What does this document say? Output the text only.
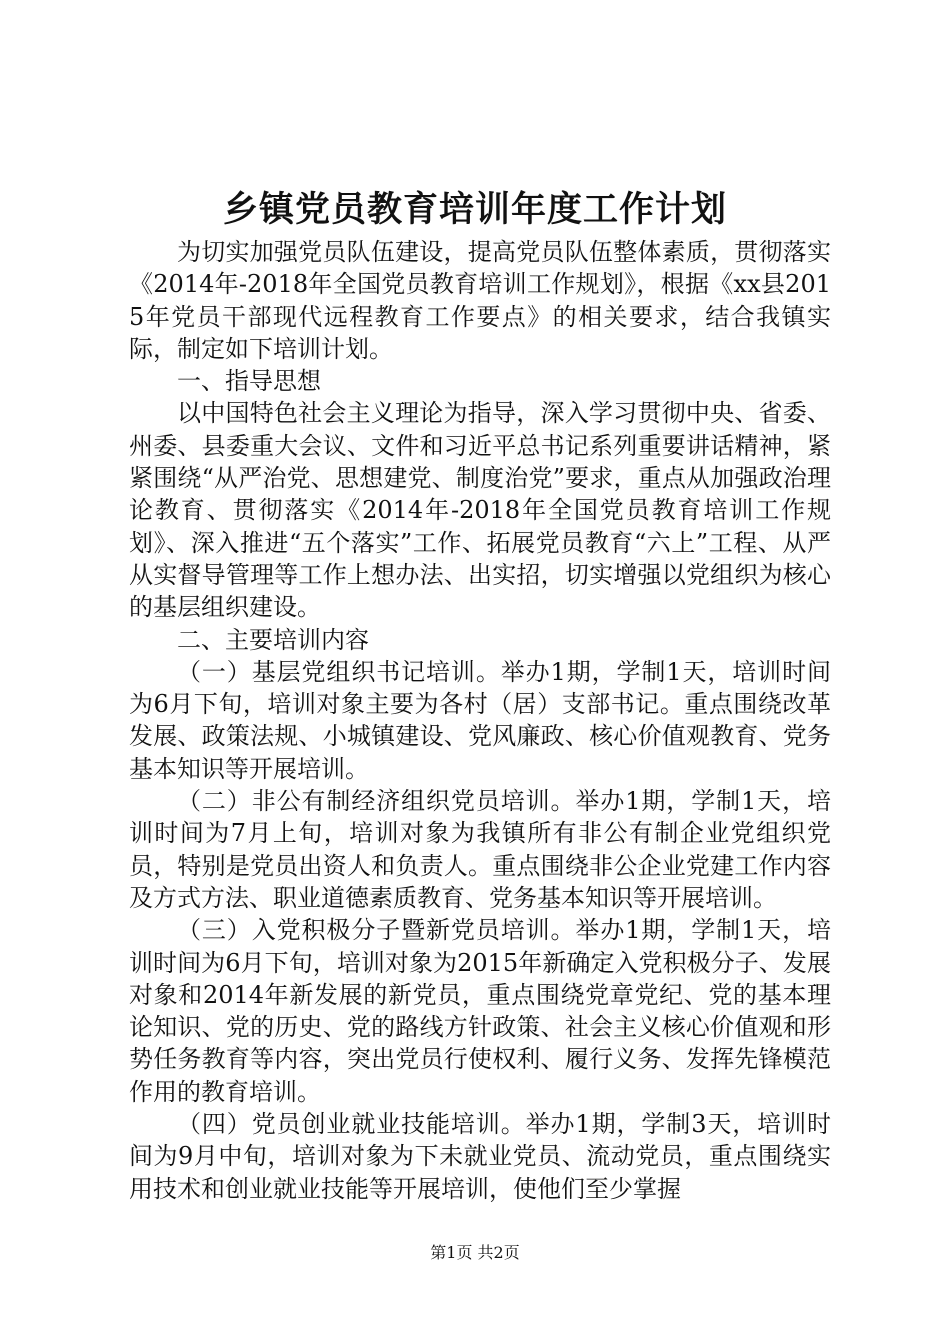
乡镇党员教育培训年度工作计划

为切实加强党员队伍建设，提高党员队伍整体素质，贯彻落实《2014年-2018年全国党员教育培训工作规划》，根据《xx县2015年党员干部现代远程教育工作要点》的相关要求，结合我镇实际，制定如下培训计划。

一、指导思想

以中国特色社会主义理论为指导，深入学习贯彻中央、省委、州委、县委重大会议、文件和习近平总书记系列重要讲话精神，紧紧围绕“从严治党、思想建党、制度治党”要求，重点从加强政治理论教育、贯彻落实《2014年-2018年全国党员教育培训工作规划》、深入推进“五个落实”工作、拓展党员教育“六上”工程、从严从实督导管理等工作上想办法、出实招，切实增强以党组织为核心的基层组织建设。

二、主要培训内容

（一）基层党组织书记培训。举办1期，学制1天，培训时间为6月下旬，培训对象主要为各村（居）支部书记。重点围绕改革发展、政策法规、小城镇建设、党风廉政、核心价值观教育、党务基本知识等开展培训。

（二）非公有制经济组织党员培训。举办1期，学制1天，培训时间为7月上旬，培训对象为我镇所有非公有制企业党组织党员，特别是党员出资人和负责人。重点围绕非公企业党建工作内容及方式方法、职业道德素质教育、党务基本知识等开展培训。

（三）入党积极分子暨新党员培训。举办1期，学制1天，培训时间为6月下旬，培训对象为2015年新确定入党积极分子、发展对象和2014年新发展的新党员，重点围绕党章党纪、党的基本理论知识、党的历史、党的路线方针政策、社会主义核心价值观和形势任务教育等内容，突出党员行使权利、履行义务、发挥先锋模范作用的教育培训。

（四）党员创业就业技能培训。举办1期，学制3天，培训时间为9月中旬，培训对象为下未就业党员、流动党员，重点围绕实用技术和创业就业技能等开展培训，使他们至少掌握

第1页 共2页
